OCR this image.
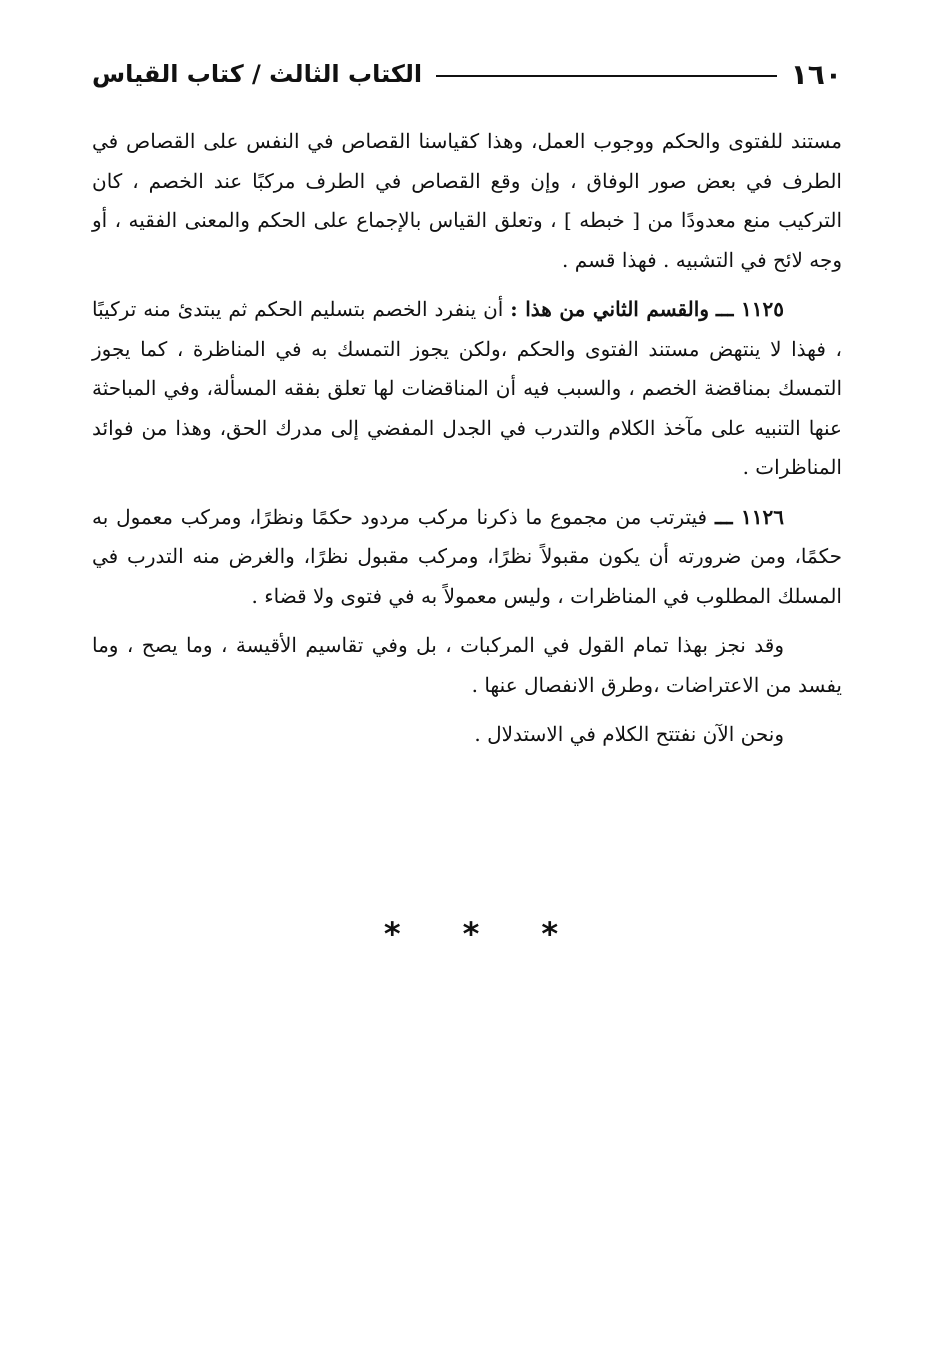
١٦٠
الكتاب الثالث / كتاب القياس

مستند للفتوى والحكم ووجوب العمل، وهذا كقياسنا القصاص في النفس على القصاص في الطرف في بعض صور الوفاق ، وإن وقع القصاص في الطرف مركبًا عند الخصم ، كان التركيب منع معدودًا من [ خبطه ] ، وتعلق القياس بالإجماع على الحكم والمعنى الفقيه ، أو وجه لائح في التشبيه . فهذا قسم .

١١٢٥ ـــ والقسم الثاني من هذا : أن ينفرد الخصم بتسليم الحكم ثم يبتدئ منه تركيبًا ، فهذا لا ينتهض مستند الفتوى والحكم ،ولكن يجوز التمسك به في المناظرة ، كما يجوز التمسك بمناقضة الخصم ، والسبب فيه أن المناقضات لها تعلق بفقه المسألة، وفي المباحثة عنها التنبيه على مآخذ الكلام والتدرب في الجدل المفضي إلى مدرك الحق، وهذا من فوائد المناظرات .

١١٢٦ ـــ فيترتب من مجموع ما ذكرنا مركب مردود حكمًا ونظرًا، ومركب معمول به حكمًا، ومن ضرورته أن يكون مقبولاً نظرًا، ومركب مقبول نظرًا، والغرض منه التدرب في المسلك المطلوب في المناظرات ، وليس معمولاً به في فتوى ولا قضاء .

وقد نجز بهذا تمام القول في المركبات ، بل وفي تقاسيم الأقيسة ، وما يصح ، وما يفسد من الاعتراضات ،وطرق الانفصال عنها .

ونحن الآن نفتتح الكلام في الاستدلال .

*
*
*
